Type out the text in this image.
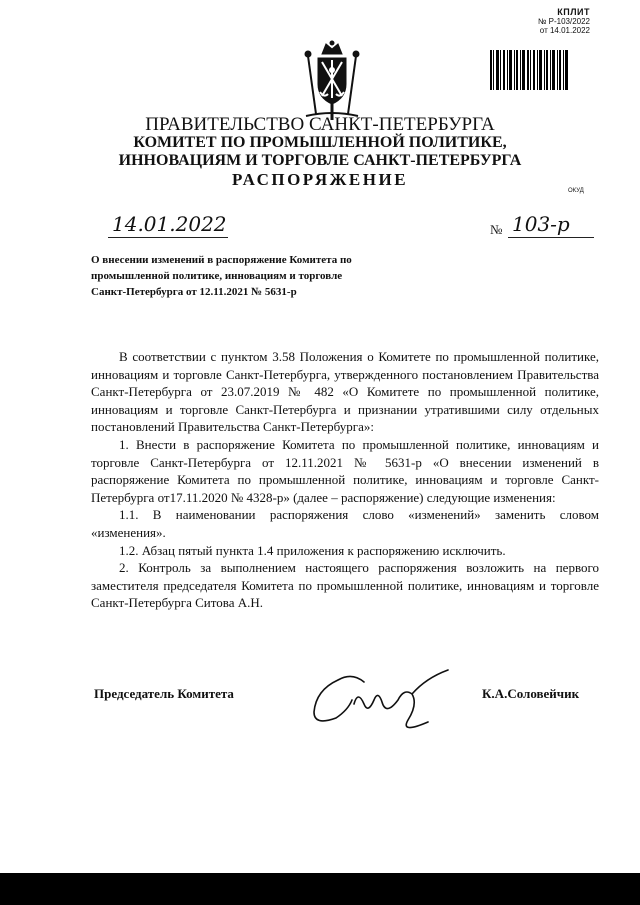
КПЛИТ
№ Р-103/2022
от 14.01.2022
ПРАВИТЕЛЬСТВО САНКТ-ПЕТЕРБУРГА
КОМИТЕТ ПО ПРОМЫШЛЕННОЙ ПОЛИТИКЕ,
ИННОВАЦИЯМ И ТОРГОВЛЕ САНКТ-ПЕТЕРБУРГА
РАСПОРЯЖЕНИЕ
ОКУД
14.01.2022	№ 103-р
О внесении изменений в распоряжение Комитета по промышленной политике, инновациям и торговле Санкт-Петербурга от 12.11.2021 № 5631-р

В соответствии с пунктом 3.58 Положения о Комитете по промышленной политике, инновациям и торговле Санкт-Петербурга, утвержденного постановлением Правительства Санкт-Петербурга от 23.07.2019 № 482 «О Комитете по промышленной политике, инновациям и торговле Санкт-Петербурга и признании утратившими силу отдельных постановлений Правительства Санкт-Петербурга»:

1. Внести в распоряжение Комитета по промышленной политике, инновациям и торговле Санкт-Петербурга от 12.11.2021 № 5631-р «О внесении изменений в распоряжение Комитета по промышленной политике, инновациям и торговле Санкт-Петербурга от17.11.2020 № 4328-р» (далее – распоряжение) следующие изменения:

1.1. В наименовании распоряжения слово «изменений» заменить словом «изменения».

1.2. Абзац пятый пункта 1.4 приложения к распоряжению исключить.

2. Контроль за выполнением настоящего распоряжения возложить на первого заместителя председателя Комитета по промышленной политике, инновациям и торговле Санкт-Петербурга Ситова А.Н.

Председатель Комитета	К.А.Соловейчик
